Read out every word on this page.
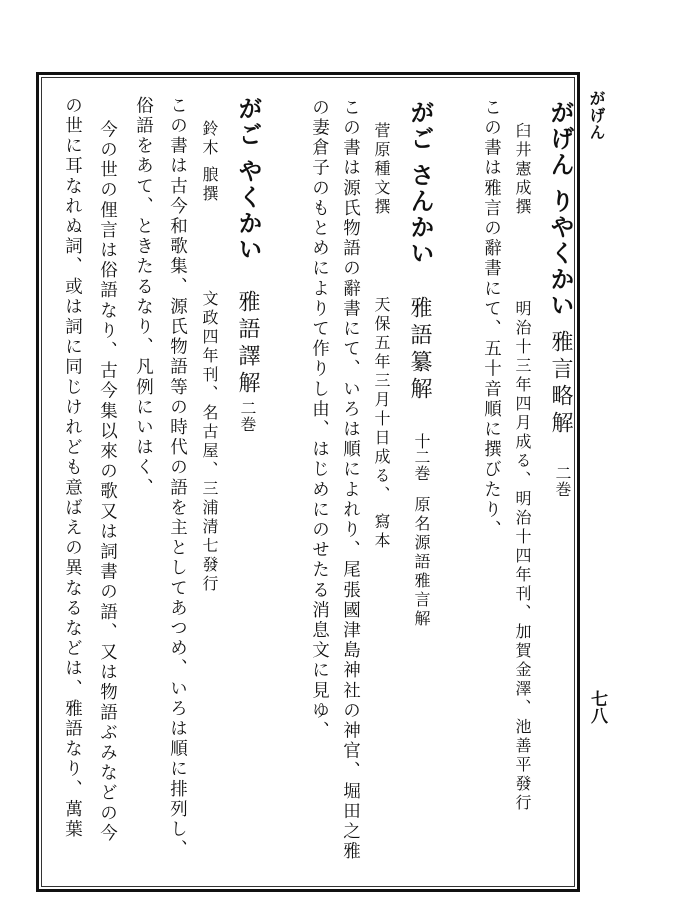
がげん
七八
がげん りやくかい
雅言略解
二巻
臼井憲成撰
明治十三年四月成る、明治十四年刊、加賀金澤、池善平發行
この書は雅言の辭書にて、五十音順に撰びたり、
がご さんかい
菅原種文撰
雅語纂解
十二巻
原名源語雅言解
天保五年三月十日成る、 寫本
この書は源氏物語の辭書にて、いろは順によれり、尾張國津島神社の神官、堀田之雅
の妻倉子のもとめによりて作りし由、はじめにのせたる消息文に見ゆ、
がご やくかい
鈴木 朖撰
雅語譯解
二巻
文政四年刊、名古屋、三浦清七發行
この書は古今和歌集、源氏物語等の時代の語を主としてあつめ、いろは順に排列し、
俗語をあて、ときたるなり、凡例にいはく、
今の世の俚言は俗語なり、古今集以來の歌又は詞書の語、又は物語ぶみなどの今
の世に耳なれぬ詞、或は詞に同じけれども意ばえの異なるなどは、雅語なり、萬葉
